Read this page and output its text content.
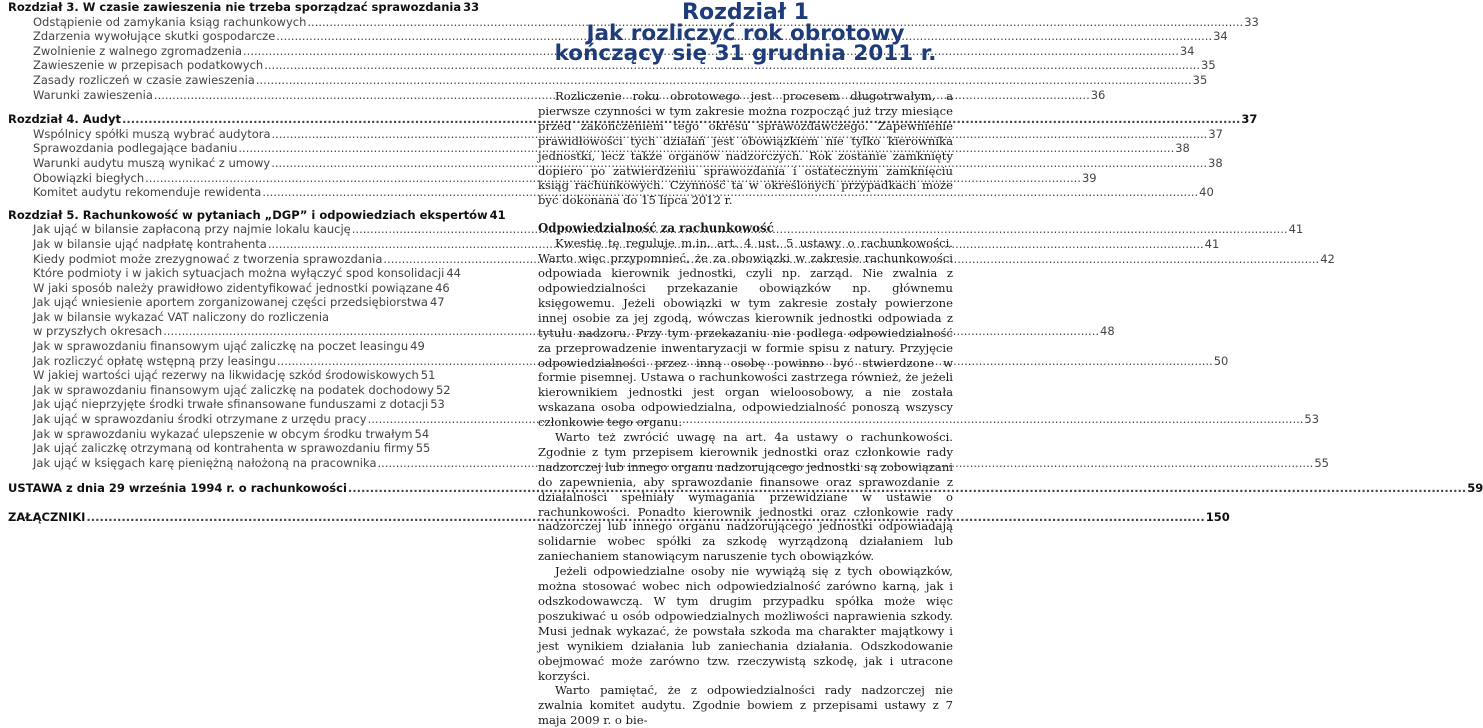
Rozdział 3. W czasie zawieszenia nie trzeba sporządzać sprawozdania 33
Odstąpienie od zamykania ksiąg rachunkowych .....	33
Zdarzenia wywołujące skutki gospodarcze .....	34
Zwolnienie z walnego zgromadzenia .....	34
Zawieszenie w przepisach podatkowych .....	35
Zasady rozliczeń w czasie zawieszenia .....	35
Warunki zawieszenia .....	36
Rozdział 4. Audyt .....	37
Wspólnicy spółki muszą wybrać audytora .....	37
Sprawozdania podlegające badaniu .....	38
Warunki audytu muszą wynikać z umowy .....	38
Obowiązki biegłych .....	39
Komitet audytu rekomenduje rewidenta .....	40
Rozdział 5. Rachunkowość w pytaniach „DGP” i odpowiedziach ekspertów 41
Jak ująć w bilansie zapłaconą przy najmie lokalu kaucję .....	41
Jak w bilansie ująć nadpłatę kontrahenta .....	41
Kiedy podmiot może zrezygnować z tworzenia sprawozdania .....	42
Które podmioty i w jakich sytuacjach można wyłączyć spod konsolidacji 44
W jaki sposób należy prawidłowo zidentyfikować jednostki powiązane 46
Jak ująć wniesienie aportem zorganizowanej części przedsiębiorstwa 47
Jak w bilansie wykazać VAT naliczony do rozliczenia
w przyszłych okresach .....	48
Jak w sprawozdaniu finansowym ująć zaliczkę na poczet leasingu 49
Jak rozliczyć opłatę wstępną przy leasingu .....	50
W jakiej wartości ująć rezerwy na likwidację szkód środowiskowych 51
Jak w sprawozdaniu finansowym ująć zaliczkę na podatek dochodowy 52
Jak ująć nieprzyjęte środki trwałe sfinansowane funduszami z dotacji 53
Jak ująć w sprawozdaniu środki otrzymane z urzędu pracy .....	53
Jak w sprawozdaniu wykazać ulepszenie w obcym środku trwałym 54
Jak ująć zaliczkę otrzymaną od kontrahenta w sprawozdaniu firmy 55
Jak ująć w księgach karę pieniężną nałożoną na pracownika .....	55
USTAWA z dnia 29 września 1994 r. o rachunkowości .....	59
ZAŁĄCZNIKI .....	150
Rozdział 1
Jak rozliczyć rok obrotowy
kończący się 31 grudnia 2011 r.

Rozliczenie roku obrotowego jest procesem długotrwałym, a pierwsze czynności w tym zakresie można rozpocząć już trzy miesiące przed zakończeniem tego okresu sprawozdawczego. Zapewnienie prawidłowości tych działań jest obowiązkiem nie tylko kierownika jednostki, lecz także organów nadzorczych. Rok zostanie zamknięty dopiero po zatwierdzeniu sprawozdania i ostatecznym zamknięciu ksiąg rachunkowych. Czynność ta w określonych przypadkach może być dokonana do 15 lipca 2012 r.

Odpowiedzialność za rachunkowość

Kwestię tę reguluje m.in. art. 4 ust. 5 ustawy o rachunkowości. Warto więc przypomnieć, że za obowiązki w zakresie rachunkowości odpowiada kierownik jednostki, czyli np. zarząd. Nie zwalnia z odpowiedzialności przekazanie obowiązków np. głównemu księgowemu. Jeżeli obowiązki w tym zakresie zostały powierzone innej osobie za jej zgodą, wówczas kierownik jednostki odpowiada z tytułu nadzoru. Przy tym przekazaniu nie podlega odpowiedzialność za przeprowadzenie inwentaryzacji w formie spisu z natury. Przyjęcie odpowiedzialności przez inną osobę powinno być stwierdzone w formie pisemnej. Ustawa o rachunkowości zastrzega również, że jeżeli kierownikiem jednostki jest organ wieloosobowy, a nie została wskazana osoba odpowiedzialna, odpowiedzialność ponoszą wszyscy członkowie tego organu.

Warto też zwrócić uwagę na art. 4a ustawy o rachunkowości. Zgodnie z tym przepisem kierownik jednostki oraz członkowie rady nadzorczej lub innego organu nadzorującego jednostki są zobowiązani do zapewnienia, aby sprawozdanie finansowe oraz sprawozdanie z działalności spełniały wymagania przewidziane w ustawie o rachunkowości. Ponadto kierownik jednostki oraz członkowie rady nadzorczej lub innego organu nadzorującego jednostki odpowiadają solidarnie wobec spółki za szkodę wyrządzoną działaniem lub zaniechaniem stanowiącym naruszenie tych obowiązków.

Jeżeli odpowiedzialne osoby nie wywiążą się z tych obowiązków, można stosować wobec nich odpowiedzialność zarówno karną, jak i odszkodowawczą. W tym drugim przypadku spółka może więc poszukiwać u osób odpowiedzialnych możliwości naprawienia szkody. Musi jednak wykazać, że powstała szkoda ma charakter majątkowy i jest wynikiem działania lub zaniechania działania. Odszkodowanie obejmować może zarówno tzw. rzeczywistą szkodę, jak i utracone korzyści.

Warto pamiętać, że z odpowiedzialności rady nadzorczej nie zwalnia komitet audytu. Zgodnie bowiem z przepisami ustawy z 7 maja 2009 r. o bie-
